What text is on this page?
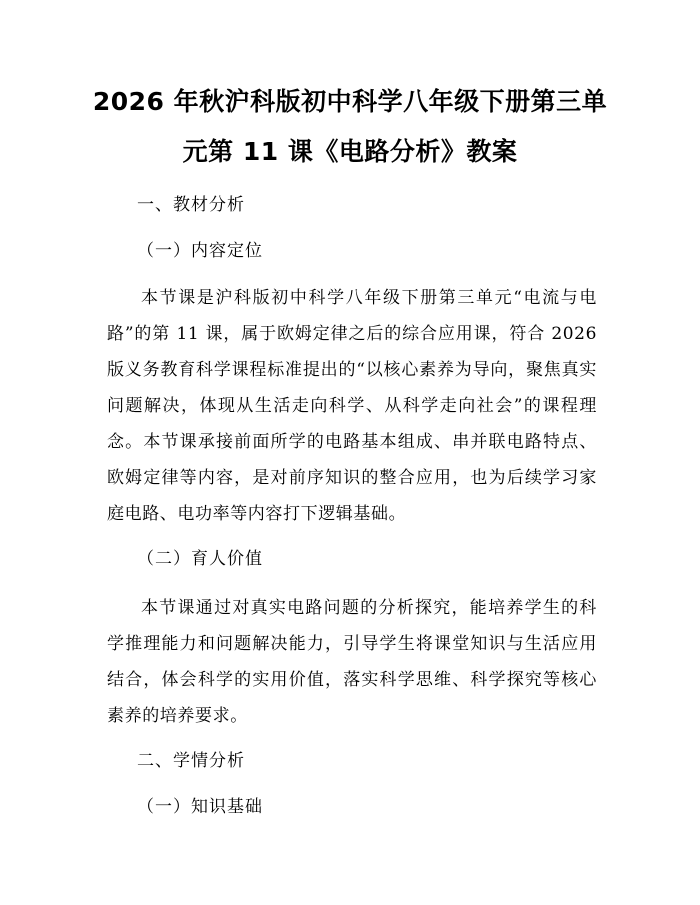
2026 年秋沪科版初中科学八年级下册第三单
元第 11 课《电路分析》教案

一、教材分析

（一）内容定位

本节课是沪科版初中科学八年级下册第三单元“电流与电路”的第 11 课，属于欧姆定律之后的综合应用课，符合 2026 版义务教育科学课程标准提出的“以核心素养为导向，聚焦真实问题解决，体现从生活走向科学、从科学走向社会”的课程理念。本节课承接前面所学的电路基本组成、串并联电路特点、欧姆定律等内容，是对前序知识的整合应用，也为后续学习家庭电路、电功率等内容打下逻辑基础。

（二）育人价值

本节课通过对真实电路问题的分析探究，能培养学生的科学推理能力和问题解决能力，引导学生将课堂知识与生活应用结合，体会科学的实用价值，落实科学思维、科学探究等核心素养的培养要求。

二、学情分析

（一）知识基础
